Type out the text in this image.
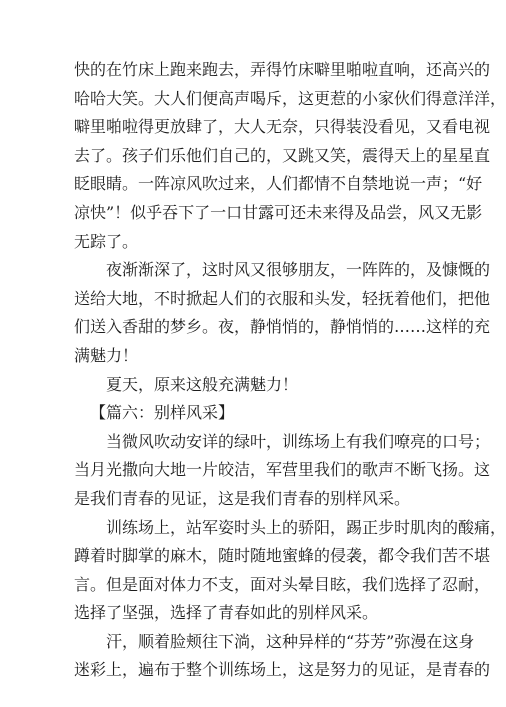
快的在竹床上跑来跑去，弄得竹床噼里啪啦直响，还高兴的
哈哈大笑。大人们便高声喝斥，这更惹的小家伙们得意洋洋，
噼里啪啦得更放肆了，大人无奈，只得装没看见，又看电视
去了。孩子们乐他们自己的，又跳又笑，震得天上的星星直
眨眼睛。一阵凉风吹过来，人们都情不自禁地说一声；“好
凉快”！似乎吞下了一口甘露可还未来得及品尝，风又无影
无踪了。
夜渐渐深了，这时风又很够朋友，一阵阵的，及慷慨的
送给大地，不时掀起人们的衣服和头发，轻抚着他们，把他
们送入香甜的梦乡。夜，静悄悄的，静悄悄的……这样的充
满魅力！
夏天，原来这般充满魅力！
【篇六：别样风采】
当微风吹动安详的绿叶，训练场上有我们嘹亮的口号；
当月光撒向大地一片皎洁，军营里我们的歌声不断飞扬。这
是我们青春的见证，这是我们青春的别样风采。
训练场上，站军姿时头上的骄阳，踢正步时肌肉的酸痛，
蹲着时脚掌的麻木，随时随地蜜蜂的侵袭，都令我们苦不堪
言。但是面对体力不支，面对头晕目眩，我们选择了忍耐，
选择了坚强，选择了青春如此的别样风采。
汗，顺着脸颊往下淌，这种异样的“芬芳”弥漫在这身
迷彩上，遍布于整个训练场上，这是努力的见证，是青春的
